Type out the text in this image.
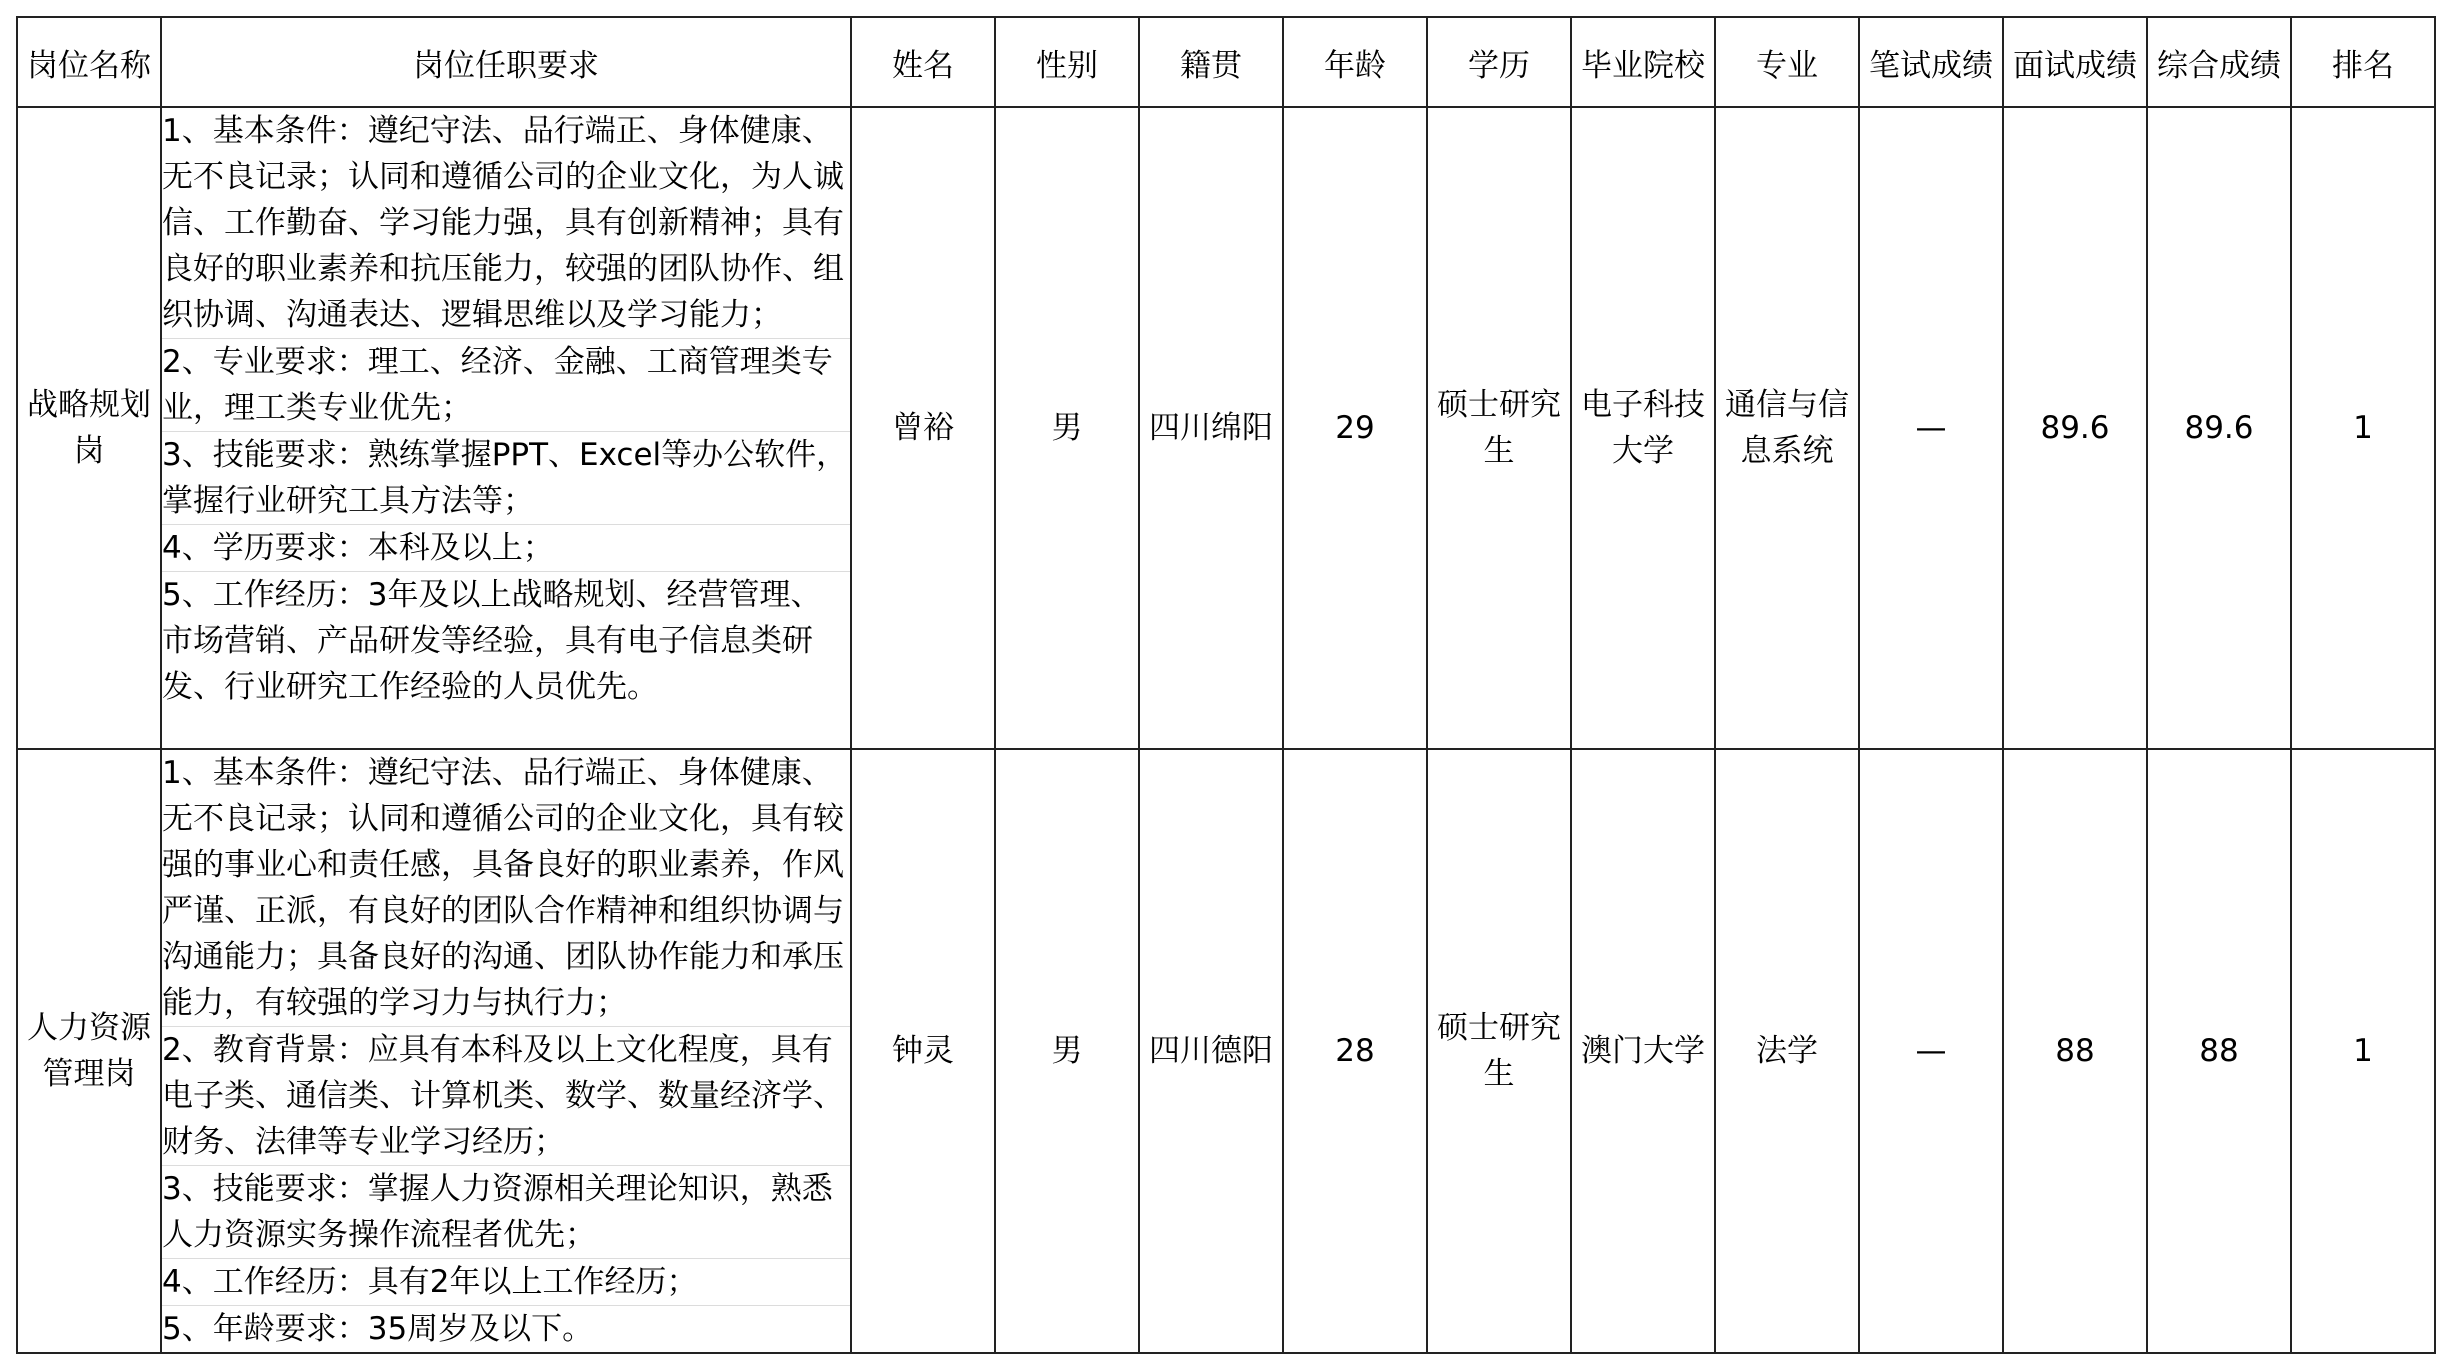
岗位名称	岗位任职要求	姓名	性别	籍贯	年龄	学历	毕业院校	专业	笔试成绩	面试成绩	综合成绩	排名
战略规划岗	1、基本条件：遵纪守法、品行端正、身体健康、无不良记录；认同和遵循公司的企业文化，为人诚信、工作勤奋、学习能力强，具有创新精神；具有良好的职业素养和抗压能力，较强的团队协作、组织协调、沟通表达、逻辑思维以及学习能力；
2、专业要求：理工、经济、金融、工商管理类专业，理工类专业优先；
3、技能要求：熟练掌握PPT、Excel等办公软件，掌握行业研究工具方法等；
4、学历要求：本科及以上；
5、工作经历：3年及以上战略规划、经营管理、市场营销、产品研发等经验，具有电子信息类研发、行业研究工作经验的人员优先。	曾裕	男	四川绵阳	29	硕士研究生	电子科技大学	通信与信息系统	—	89.6	89.6	1
人力资源管理岗	1、基本条件：遵纪守法、品行端正、身体健康、无不良记录；认同和遵循公司的企业文化，具有较强的事业心和责任感，具备良好的职业素养，作风严谨、正派，有良好的团队合作精神和组织协调与沟通能力；具备良好的沟通、团队协作能力和承压能力，有较强的学习力与执行力；
2、教育背景：应具有本科及以上文化程度，具有电子类、通信类、计算机类、数学、数量经济学、财务、法律等专业学习经历；
3、技能要求：掌握人力资源相关理论知识，熟悉人力资源实务操作流程者优先；
4、工作经历：具有2年以上工作经历；
5、年龄要求：35周岁及以下。	钟灵	男	四川德阳	28	硕士研究生	澳门大学	法学	—	88	88	1
